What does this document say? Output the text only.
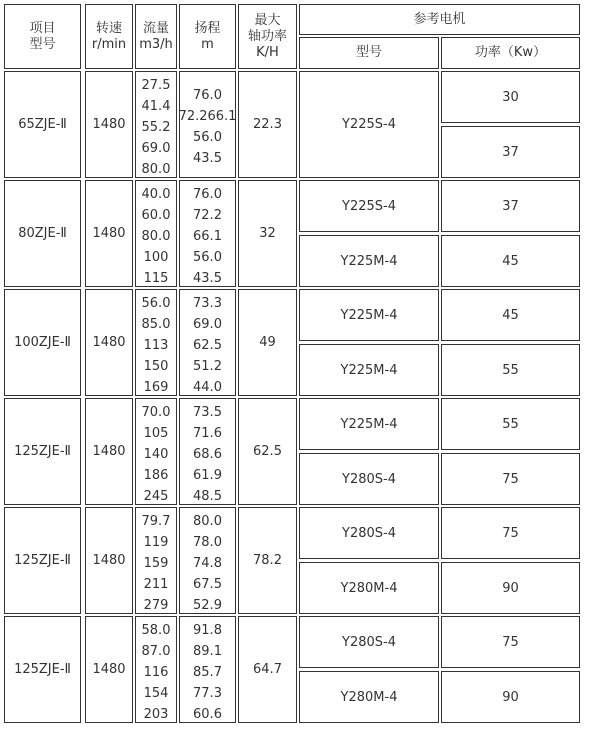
项目
型号
转速
r/min
流量
m3/h
扬程
m
最大
轴功率
K/H
参考电机
型号	功率（Kw）
65ZJE-Ⅱ 1480
27.5
41.4
55.2
69.0
80.0
76.0
72.266.1
56.0
43.5
22.3	Y225S-4
30
37
80ZJE-Ⅱ 1480
40.0
60.0
80.0
100
115
76.0
72.2
66.1
56.0
43.5
32
Y225S-4
Y225M-4
37
45
100ZJE-Ⅱ 1480
56.0
85.0
113
150
169
73.3
69.0
62.5
51.2
44.0
49
Y225M-4
Y225M-4
45
55
125ZJE-Ⅱ 1480
70.0
105
140
186
245
73.5
71.6
68.6
61.9
48.5
62.5
Y225M-4
Y280S-4
55
75
125ZJE-Ⅱ 1480
79.7
119
159
211
279
80.0
78.0
74.8
67.5
52.9
78.2
Y280S-4
Y280M-4
75
90
125ZJE-Ⅱ 1480
58.0
87.0
116
154
203
91.8
89.1
85.7
77.3
60.6
64.7
Y280S-4
Y280M-4
75
90
